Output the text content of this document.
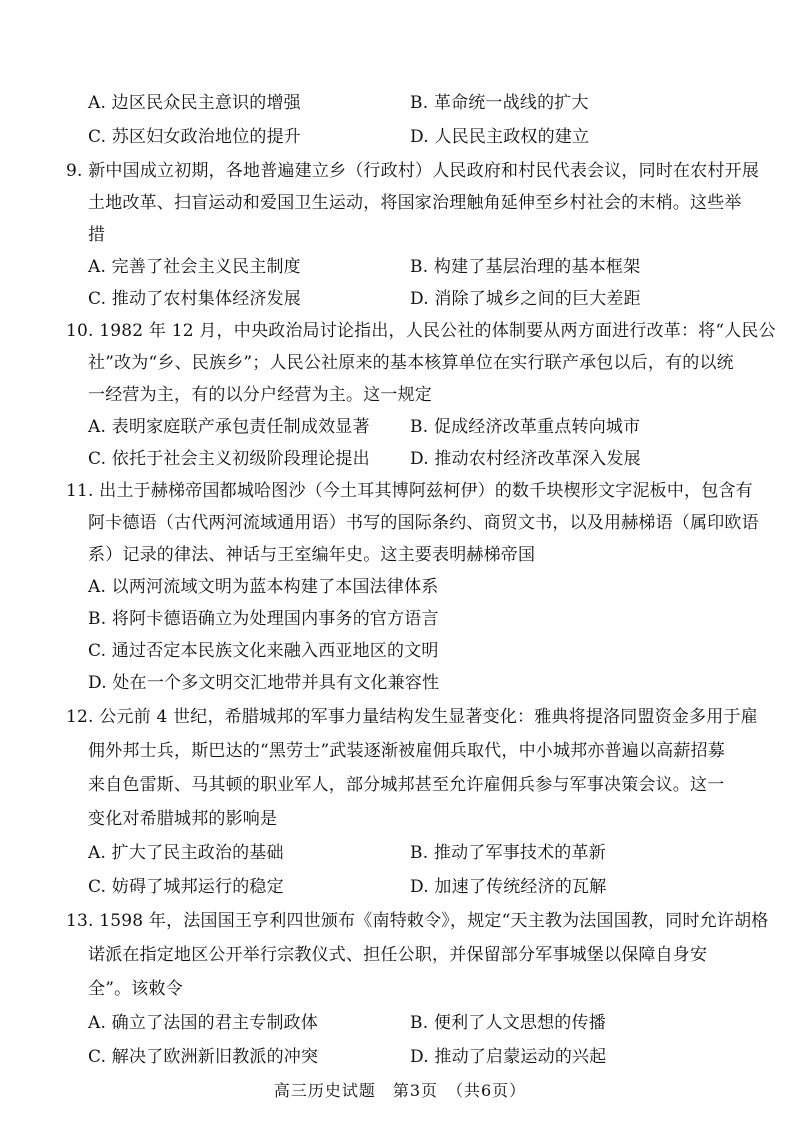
A. 边区民众民主意识的增强	B. 革命统一战线的扩大
C. 苏区妇女政治地位的提升	D. 人民民主政权的建立
9. 新中国成立初期，各地普遍建立乡（行政村）人民政府和村民代表会议，同时在农村开展
土地改革、扫盲运动和爱国卫生运动，将国家治理触角延伸至乡村社会的末梢。这些举
措
A. 完善了社会主义民主制度	B. 构建了基层治理的基本框架
C. 推动了农村集体经济发展	D. 消除了城乡之间的巨大差距
10. 1982 年 12 月，中央政治局讨论指出，人民公社的体制要从两方面进行改革：将“人民公
社”改为“乡、民族乡”；人民公社原来的基本核算单位在实行联产承包以后，有的以统
一经营为主，有的以分户经营为主。这一规定
A. 表明家庭联产承包责任制成效显著 B. 促成经济改革重点转向城市
C. 依托于社会主义初级阶段理论提出 D. 推动农村经济改革深入发展
11. 出土于赫梯帝国都城哈图沙（今土耳其博阿兹柯伊）的数千块楔形文字泥板中，包含有
阿卡德语（古代两河流域通用语）书写的国际条约、商贸文书，以及用赫梯语（属印欧语
系）记录的律法、神话与王室编年史。这主要表明赫梯帝国
A. 以两河流域文明为蓝本构建了本国法律体系
B. 将阿卡德语确立为处理国内事务的官方语言
C. 通过否定本民族文化来融入西亚地区的文明
D. 处在一个多文明交汇地带并具有文化兼容性
12. 公元前 4 世纪，希腊城邦的军事力量结构发生显著变化：雅典将提洛同盟资金多用于雇
佣外邦士兵，斯巴达的“黑劳士”武装逐渐被雇佣兵取代，中小城邦亦普遍以高薪招募
来自色雷斯、马其顿的职业军人，部分城邦甚至允许雇佣兵参与军事决策会议。这一
变化对希腊城邦的影响是
A. 扩大了民主政治的基础	B. 推动了军事技术的革新
C. 妨碍了城邦运行的稳定	D. 加速了传统经济的瓦解
13. 1598 年，法国国王亨利四世颁布《南特敕令》，规定“天主教为法国国教，同时允许胡格
诺派在指定地区公开举行宗教仪式、担任公职，并保留部分军事城堡以保障自身安
全”。该敕令
A. 确立了法国的君主专制政体	B. 便利了人文思想的传播
C. 解决了欧洲新旧教派的冲突	D. 推动了启蒙运动的兴起
高三历史试题　第3页　（共6页）
